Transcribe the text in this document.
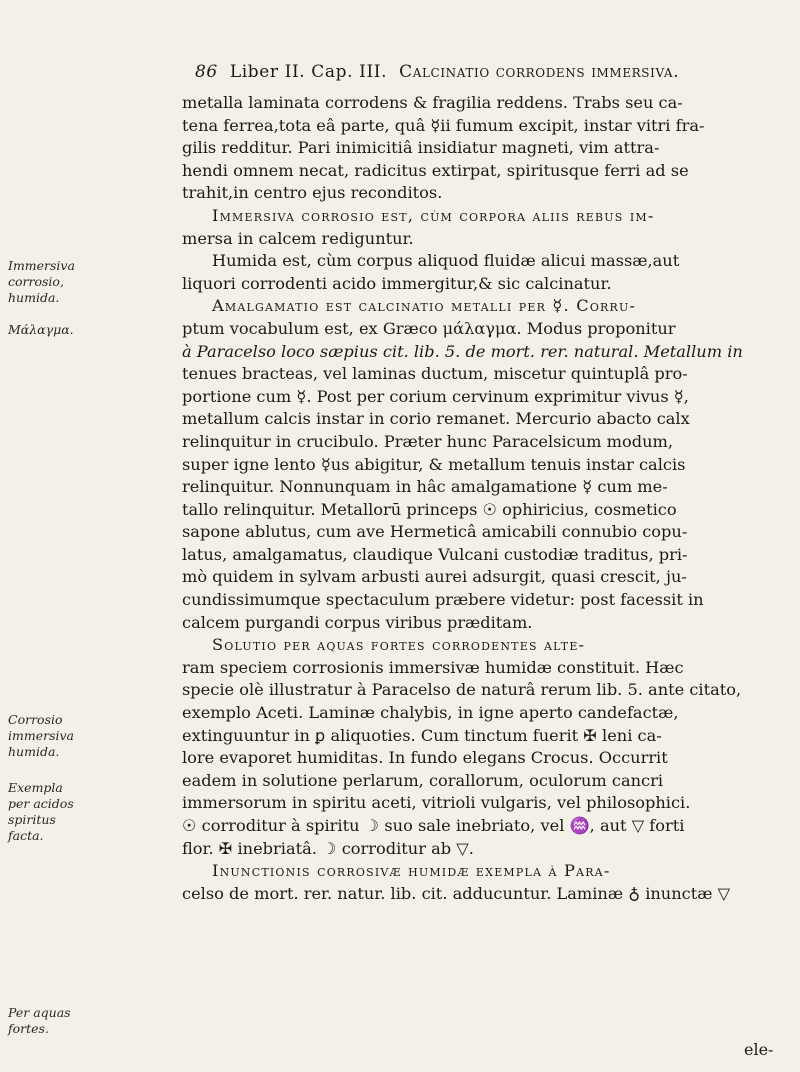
86 Liber II. Cap. III. Calcinatio corrodens immersiva.
Immersiva
corrosio,
humida.
Μάλαγμα.
Corrosio
immersiva
humida.
Exempla
per acidos
spiritus
facta.
Per aquas
fortes.
metalla laminata corrodens & fragilia reddens. Trabs seu ca-
tena ferrea,tota eâ parte, quâ ☿ii fumum excipit, instar vitri fra-
gilis redditur. Pari inimicitiâ insidiatur magneti, vim attra-
hendi omnem necat, radicitus extirpat, spiritusque ferri ad se
trahit,in centro ejus reconditos.
Immersiva corrosio est, cùm corpora aliis rebus im-
mersa in calcem rediguntur.
Humida est, cùm corpus aliquod fluidæ alicui massæ,aut
liquori corrodenti acido immergitur,& sic calcinatur.
Amalgamatio est calcinatio metalli per ☿. Corru-
ptum vocabulum est, ex Græco μάλαγμα. Modus proponitur
à Paracelso loco sæpius cit. lib. 5. de mort. rer. natural. Metallum in
tenues bracteas, vel laminas ductum, miscetur quintuplâ pro-
portione cum ☿. Post per corium cervinum exprimitur vivus ☿,
metallum calcis instar in corio remanet. Mercurio abacto calx
relinquitur in crucibulo. Præter hunc Paracelsicum modum,
super igne lento ☿us abigitur, & metallum tenuis instar calcis
relinquitur. Nonnunquam in hâc amalgamatione ☿ cum me-
tallo relinquitur. Metallorū princeps ☉ ophiricius, cosmetico
sapone ablutus, cum ave Hermeticâ amicabili connubio copu-
latus, amalgamatus, claudique Vulcani custodiæ traditus, pri-
mò quidem in sylvam arbusti aurei adsurgit, quasi crescit, ju-
cundissimumque spectaculum præbere videtur: post facessit in
calcem purgandi corpus viribus præditam.
Solutio per aquas fortes corrodentes alte-
ram speciem corrosionis immersivæ humidæ constituit. Hæc
specie olè illustratur à Paracelso de naturâ rerum lib. 5. ante citato,
exemplo Aceti. Laminæ chalybis, in igne aperto candefactæ,
extinguuntur in ꝑ aliquoties. Cum tinctum fuerit ✠ leni ca-
lore evaporet humiditas. In fundo elegans Crocus. Occurrit
eadem in solutione perlarum, corallorum, oculorum cancri
immersorum in spiritu aceti, vitrioli vulgaris, vel philosophici.
☉ corroditur à spiritu ☽ suo sale inebriato, vel ♒, aut ▽ forti
flor. ✠ inebriatâ. ☽ corroditur ab ▽.
Inunctionis corrosivæ humidæ exempla à Para-
celso de mort. rer. natur. lib. cit. adducuntur. Laminæ ♁ inunctæ ▽
ele-
